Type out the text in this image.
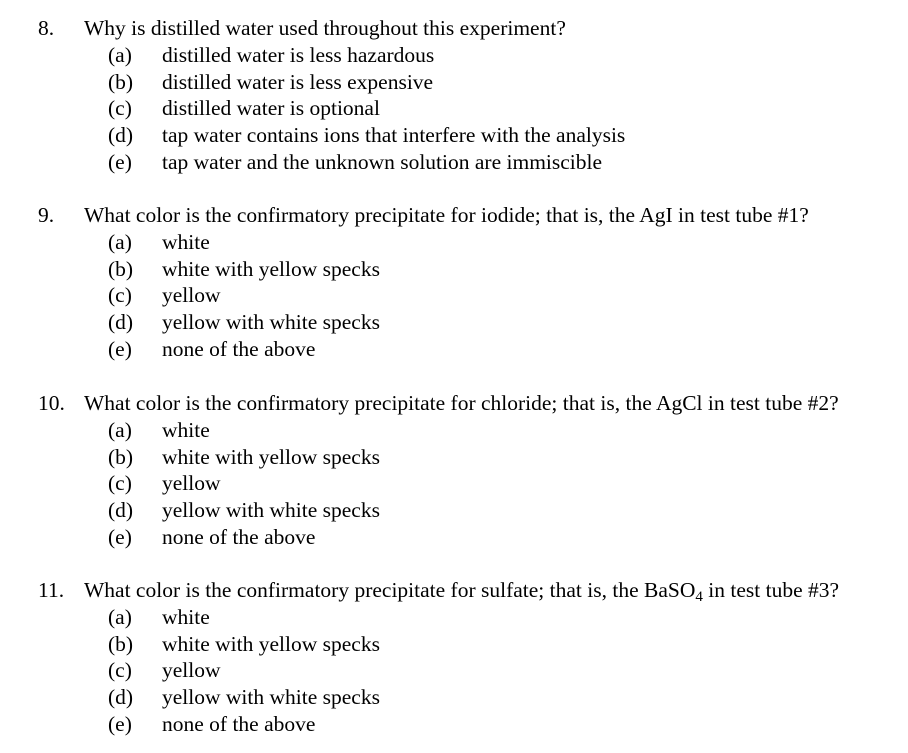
8. Why is distilled water used throughout this experiment?
(a) distilled water is less hazardous
(b) distilled water is less expensive
(c) distilled water is optional
(d) tap water contains ions that interfere with the analysis
(e) tap water and the unknown solution are immiscible
9. What color is the confirmatory precipitate for iodide; that is, the AgI in test tube #1?
(a) white
(b) white with yellow specks
(c) yellow
(d) yellow with white specks
(e) none of the above
10. What color is the confirmatory precipitate for chloride; that is, the AgCl in test tube #2?
(a) white
(b) white with yellow specks
(c) yellow
(d) yellow with white specks
(e) none of the above
11. What color is the confirmatory precipitate for sulfate; that is, the BaSO$_4$ in test tube #3?
(a) white
(b) white with yellow specks
(c) yellow
(d) yellow with white specks
(e) none of the above
